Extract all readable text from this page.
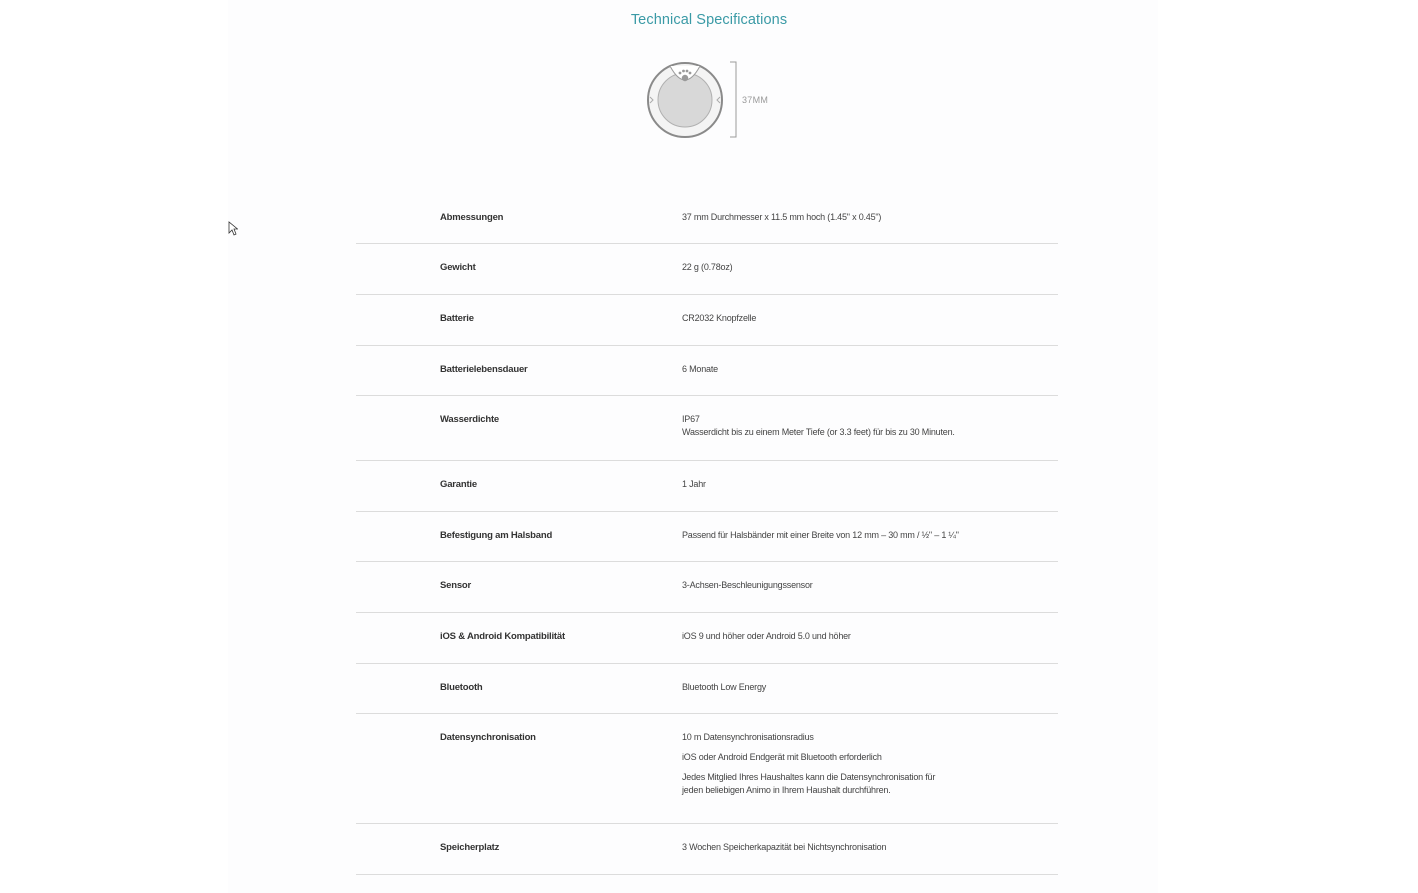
Technical Specifications
37MM
Abmessungen	37 mm Durchmesser x 11.5 mm hoch (1.45" x 0.45")
Gewicht	22 g (0.78oz)
Batterie	CR2032 Knopfzelle
Batterielebensdauer	6 Monate
Wasserdichte	IP67
Wasserdicht bis zu einem Meter Tiefe (or 3.3 feet) für bis zu 30 Minuten.
Garantie	1 Jahr
Befestigung am Halsband	Passend für Halsbänder mit einer Breite von 12 mm – 30 mm / ½" – 1 ¼"
Sensor	3-Achsen-Beschleunigungssensor
iOS & Android Kompatibilität	iOS 9 und höher oder Android 5.0 und höher
Bluetooth	Bluetooth Low Energy
Datensynchronisation	10 m Datensynchronisationsradius
iOS oder Android Endgerät mit Bluetooth erforderlich
Jedes Mitglied Ihres Haushaltes kann die Datensynchronisation für jeden beliebigen Animo in Ihrem Haushalt durchführen.
Speicherplatz	3 Wochen Speicherkapazität bei Nichtsynchronisation
